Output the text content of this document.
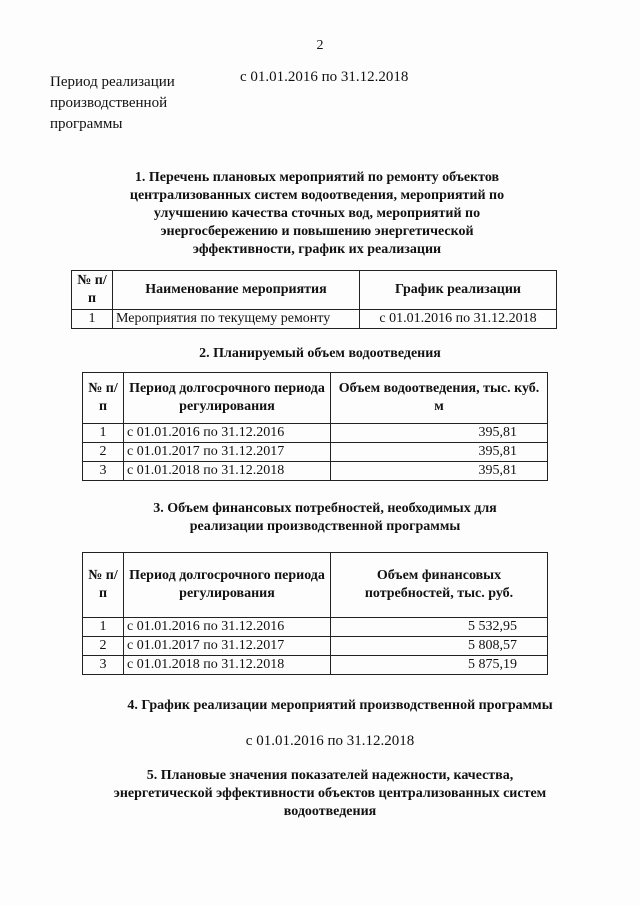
2
Период реализации производственной программы
с 01.01.2016 по 31.12.2018
1. Перечень плановых мероприятий по ремонту объектов централизованных систем водоотведения, мероприятий по улучшению качества сточных вод, мероприятий по энергосбережению и повышению энергетической эффективности, график их реализации
№ п/п	Наименование мероприятия	График реализации
1	Мероприятия по текущему ремонту	с 01.01.2016 по 31.12.2018
2. Планируемый объем водоотведения
№ п/п	Период долгосрочного периода регулирования	Объем водоотведения, тыс. куб. м
1	с 01.01.2016 по 31.12.2016	395,81
2	с 01.01.2017 по 31.12.2017	395,81
3	с 01.01.2018 по 31.12.2018	395,81
3. Объем финансовых потребностей, необходимых для реализации производственной программы
№ п/п	Период долгосрочного периода регулирования	Объем финансовых потребностей, тыс. руб.
1	с 01.01.2016 по 31.12.2016	5 532,95
2	с 01.01.2017 по 31.12.2017	5 808,57
3	с 01.01.2018 по 31.12.2018	5 875,19
4. График реализации мероприятий производственной программы
с 01.01.2016 по 31.12.2018
5. Плановые значения показателей надежности, качества, энергетической эффективности объектов централизованных систем водоотведения
